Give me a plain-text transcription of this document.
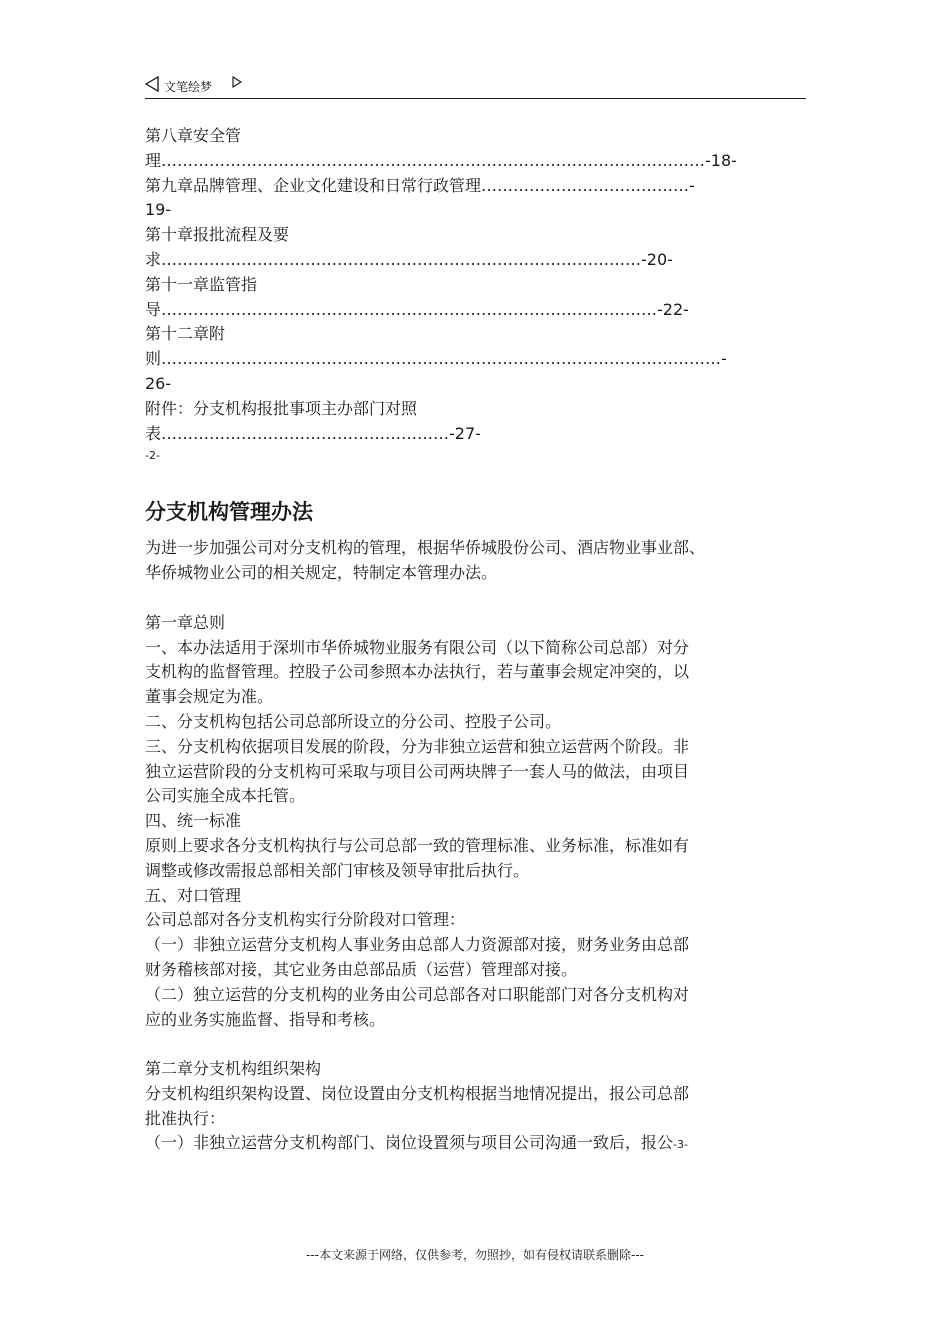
文笔绘梦
第八章安全管
理…………………………………………………………………………………………-18-
第九章品牌管理、企业文化建设和日常行政管理…………………………………-
19-
第十章报批流程及要
求………………………………………………………………………………-20-
第十一章监管指
导…………………………………………………………………………………-22-
第十二章附
则……………………………………………………………………………………………-
26-
附件：分支机构报批事项主办部门对照
表………………………………………………-27-
-2-
分支机构管理办法
为进一步加强公司对分支机构的管理，根据华侨城股份公司、酒店物业事业部、
华侨城物业公司的相关规定，特制定本管理办法。
第一章总则
一、本办法适用于深圳市华侨城物业服务有限公司（以下简称公司总部）对分
支机构的监督管理。控股子公司参照本办法执行，若与董事会规定冲突的，以
董事会规定为准。
二、分支机构包括公司总部所设立的分公司、控股子公司。
三、分支机构依据项目发展的阶段，分为非独立运营和独立运营两个阶段。非
独立运营阶段的分支机构可采取与项目公司两块牌子一套人马的做法，由项目
公司实施全成本托管。
四、统一标准
原则上要求各分支机构执行与公司总部一致的管理标准、业务标准，标准如有
调整或修改需报总部相关部门审核及领导审批后执行。
五、对口管理
公司总部对各分支机构实行分阶段对口管理：
（一）非独立运营分支机构人事业务由总部人力资源部对接，财务业务由总部
财务稽核部对接，其它业务由总部品质（运营）管理部对接。
（二）独立运营的分支机构的业务由公司总部各对口职能部门对各分支机构对
应的业务实施监督、指导和考核。
第二章分支机构组织架构
分支机构组织架构设置、岗位设置由分支机构根据当地情况提出，报公司总部
批准执行：
（一）非独立运营分支机构部门、岗位设置须与项目公司沟通一致后，报公-3-
---本文来源于网络，仅供参考，勿照抄，如有侵权请联系删除---
